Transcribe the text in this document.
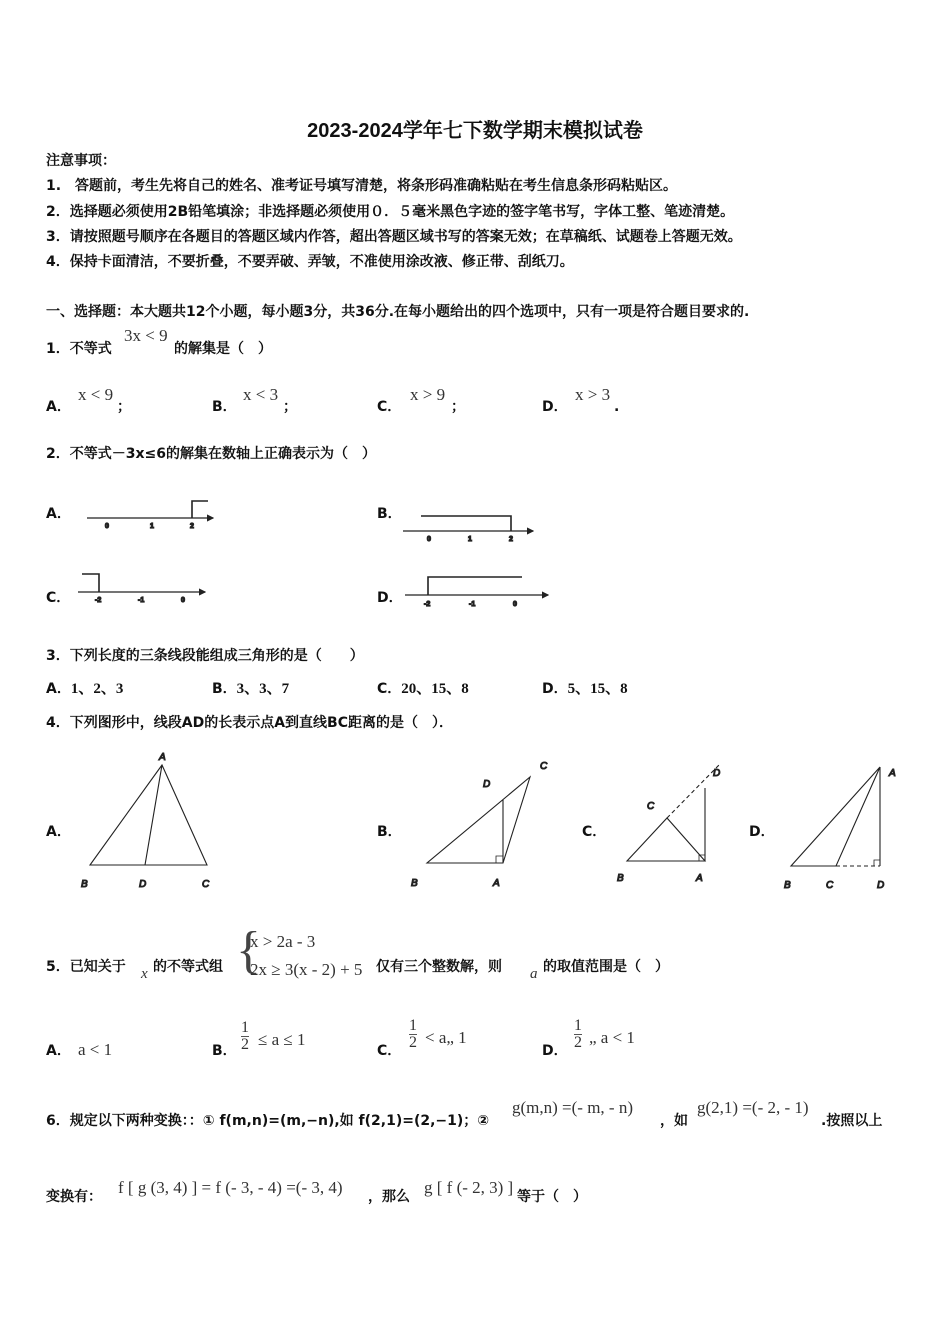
2023-2024学年七下数学期末模拟试卷
注意事项：
1.　答题前，考生先将自己的姓名、准考证号填写清楚，将条形码准确粘贴在考生信息条形码粘贴区。
2．选择题必须使用2B铅笔填涂；非选择题必须使用０．５毫米黑色字迹的签字笔书写，字体工整、笔迹清楚。
3．请按照题号顺序在各题目的答题区域内作答，超出答题区域书写的答案无效；在草稿纸、试题卷上答题无效。
4．保持卡面清洁，不要折叠，不要弄破、弄皱，不准使用涂改液、修正带、刮纸刀。
一、选择题：本大题共12个小题，每小题3分，共36分.在每小题给出的四个选项中，只有一项是符合题目要求的.
1．不等式
3x < 9
的解集是（　）
A．
x < 9
；	B．
x < 3
；	C．
x > 9
；	D．
x > 3
.
2．不等式－3x≤6的解集在数轴上正确表示为（　）
A．	B．
C．	D．
3．下列长度的三条线段能组成三角形的是（　　）
A．1、2、3	B．3、3、7	C．20、15、8	D．5、15、8
4．下列图形中，线段AD的长表示点A到直线BC距离的是（　）．
A．	B．	C．	D．
5．已知关于 x 的不等式组 {
x > 2a - 3
2x ≥ 3(x - 2) + 5 仅有三个整数解，则 a 的取值范围是（　）
A． a < 1	B． $\frac{1}{2} \le a \le 1$
C． $\frac{1}{2}$ < a„ 1
D． $\frac{1}{2}$ „ a < 1
6．规定以下两种变换：：① f(m,n)=(m,−n),如 f(2,1)=(2,−1)；②
g(m,n) =(- m, - n)
，如
g(2,1) =(- 2, - 1)
.按照以上
变换有： f [ g (3, 4) ] = f (- 3, - 4) =(- 3, 4) ，那么 g [ f (- 2, 3) ] 等于（　）
0	1	2
0	1	2
-2	-1	0
-2	-1	0
A
B	D	C
C
D
B	A
C
D
B	A
A
B	C	D
